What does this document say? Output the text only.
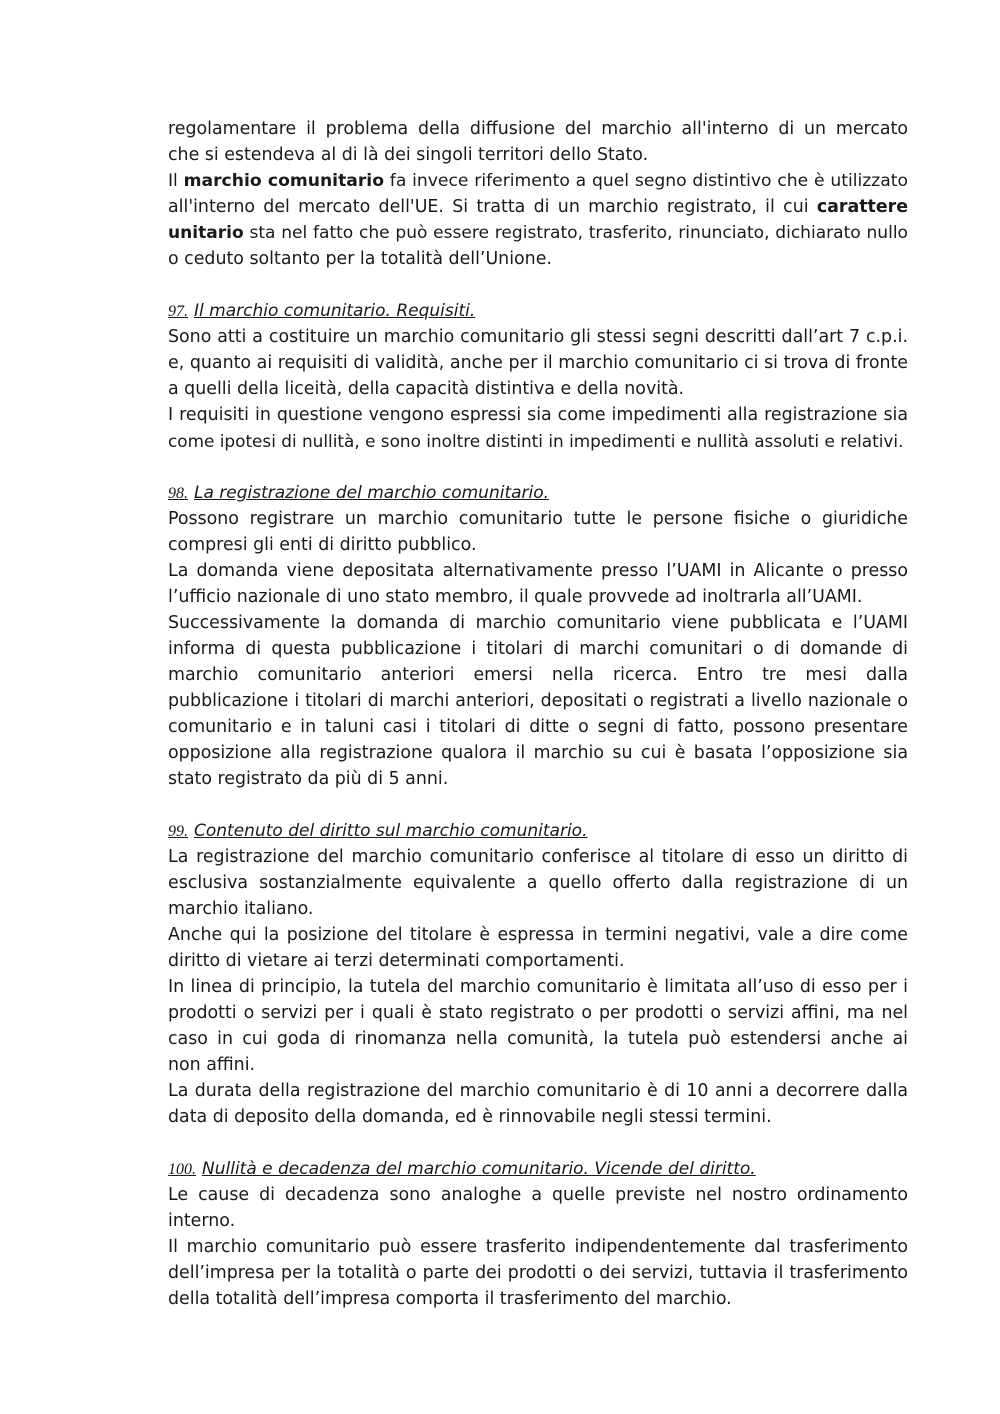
regolamentare il problema della diffusione del marchio all'interno di un mercato
che si estendeva al di là dei singoli territori dello Stato.
Il marchio comunitario fa invece riferimento a quel segno distintivo che è utilizzato
all'interno del mercato dell'UE. Si tratta di un marchio registrato, il cui carattere
unitario sta nel fatto che può essere registrato, trasferito, rinunciato, dichiarato nullo
o ceduto soltanto per la totalità dell’Unione.
97. Il marchio comunitario. Requisiti.
Sono atti a costituire un marchio comunitario gli stessi segni descritti dall’art 7 c.p.i.
e, quanto ai requisiti di validità, anche per il marchio comunitario ci si trova di fronte
a quelli della liceità, della capacità distintiva e della novità.
I requisiti in questione vengono espressi sia come impedimenti alla registrazione sia
come ipotesi di nullità, e sono inoltre distinti in impedimenti e nullità assoluti e relativi.
98. La registrazione del marchio comunitario.
Possono registrare un marchio comunitario tutte le persone fisiche o giuridiche
compresi gli enti di diritto pubblico.
La domanda viene depositata alternativamente presso l’UAMI in Alicante o presso
l’ufficio nazionale di uno stato membro, il quale provvede ad inoltrarla all’UAMI.
Successivamente la domanda di marchio comunitario viene pubblicata e l’UAMI
informa di questa pubblicazione i titolari di marchi comunitari o di domande di
marchio comunitario anteriori emersi nella ricerca. Entro tre mesi dalla
pubblicazione i titolari di marchi anteriori, depositati o registrati a livello nazionale o
comunitario e in taluni casi i titolari di ditte o segni di fatto, possono presentare
opposizione alla registrazione qualora il marchio su cui è basata l’opposizione sia
stato registrato da più di 5 anni.
99. Contenuto del diritto sul marchio comunitario.
La registrazione del marchio comunitario conferisce al titolare di esso un diritto di
esclusiva sostanzialmente equivalente a quello offerto dalla registrazione di un
marchio italiano.
Anche qui la posizione del titolare è espressa in termini negativi, vale a dire come
diritto di vietare ai terzi determinati comportamenti.
In linea di principio, la tutela del marchio comunitario è limitata all’uso di esso per i
prodotti o servizi per i quali è stato registrato o per prodotti o servizi affini, ma nel
caso in cui goda di rinomanza nella comunità, la tutela può estendersi anche ai
non affini.
La durata della registrazione del marchio comunitario è di 10 anni a decorrere dalla
data di deposito della domanda, ed è rinnovabile negli stessi termini.
100. Nullità e decadenza del marchio comunitario. Vicende del diritto.
Le cause di decadenza sono analoghe a quelle previste nel nostro ordinamento
interno.
Il marchio comunitario può essere trasferito indipendentemente dal trasferimento
dell’impresa per la totalità o parte dei prodotti o dei servizi, tuttavia il trasferimento
della totalità dell’impresa comporta il trasferimento del marchio.
